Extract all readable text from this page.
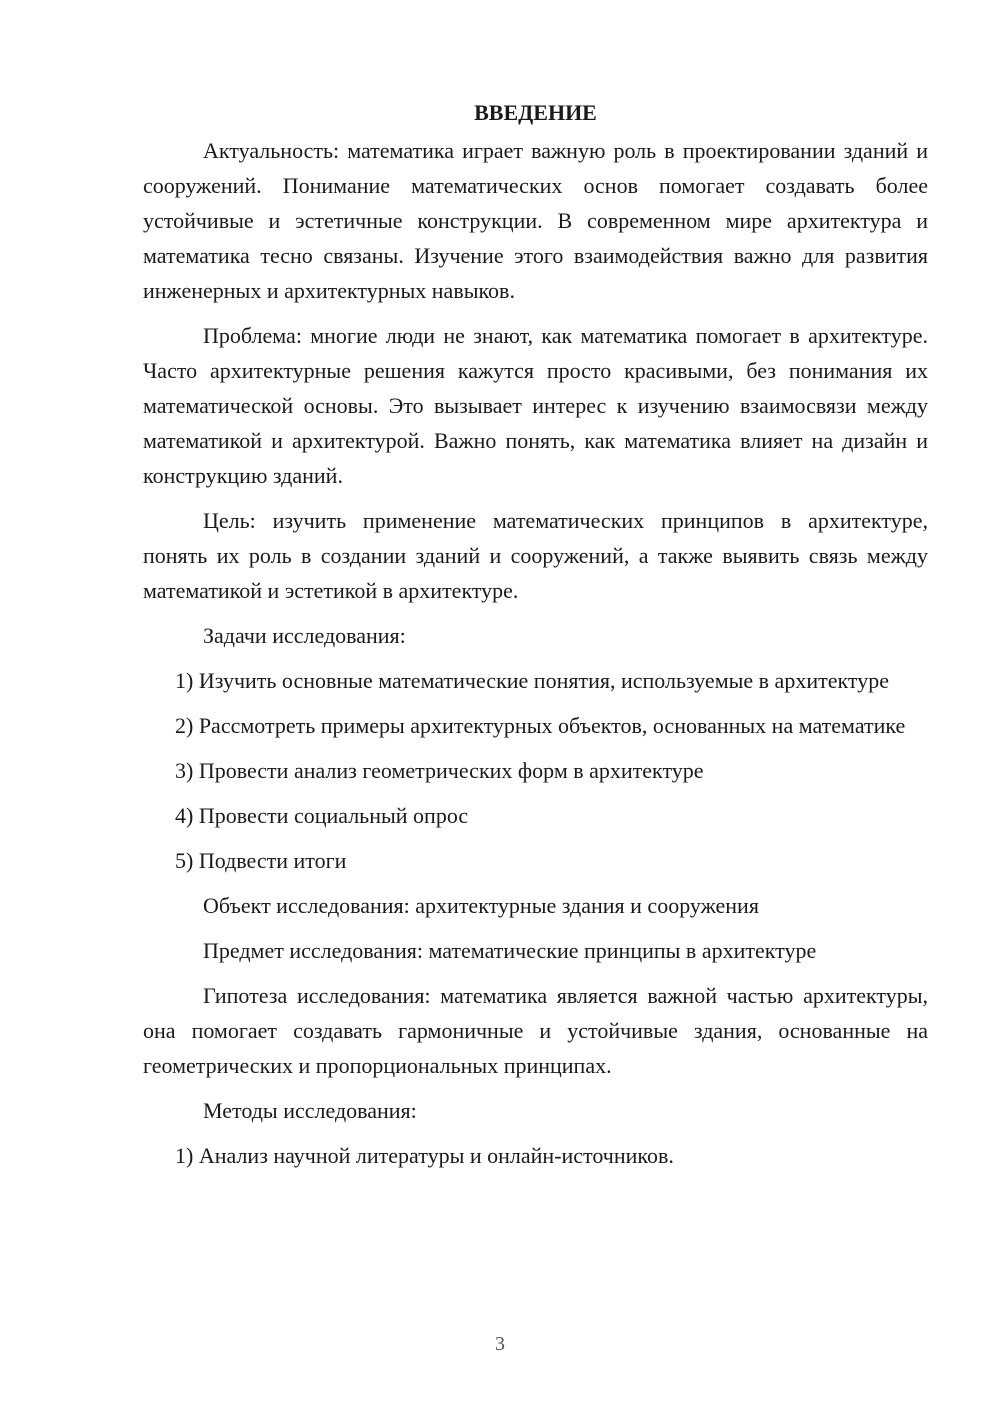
ВВЕДЕНИЕ

Актуальность: математика играет важную роль в проектировании зданий и сооружений. Понимание математических основ помогает создавать более устойчивые и эстетичные конструкции. В современном мире архитектура и математика тесно связаны. Изучение этого взаимодействия важно для развития инженерных и архитектурных навыков.

Проблема: многие люди не знают, как математика помогает в архитектуре. Часто архитектурные решения кажутся просто красивыми, без понимания их математической основы. Это вызывает интерес к изучению взаимосвязи между математикой и архитектурой. Важно понять, как математика влияет на дизайн и конструкцию зданий.

Цель: изучить применение математических принципов в архитектуре, понять их роль в создании зданий и сооружений, а также выявить связь между математикой и эстетикой в архитектуре.

Задачи исследования:

1) Изучить основные математические понятия, используемые в архитектуре

2) Рассмотреть примеры архитектурных объектов, основанных на математике

3) Провести анализ геометрических форм в архитектуре

4) Провести социальный опрос

5) Подвести итоги

Объект исследования: архитектурные здания и сооружения

Предмет исследования: математические принципы в архитектуре

Гипотеза исследования: математика является важной частью архитектуры, она помогает создавать гармоничные и устойчивые здания, основанные на геометрических и пропорциональных принципах.

Методы исследования:

1) Анализ научной литературы и онлайн-источников.

3
